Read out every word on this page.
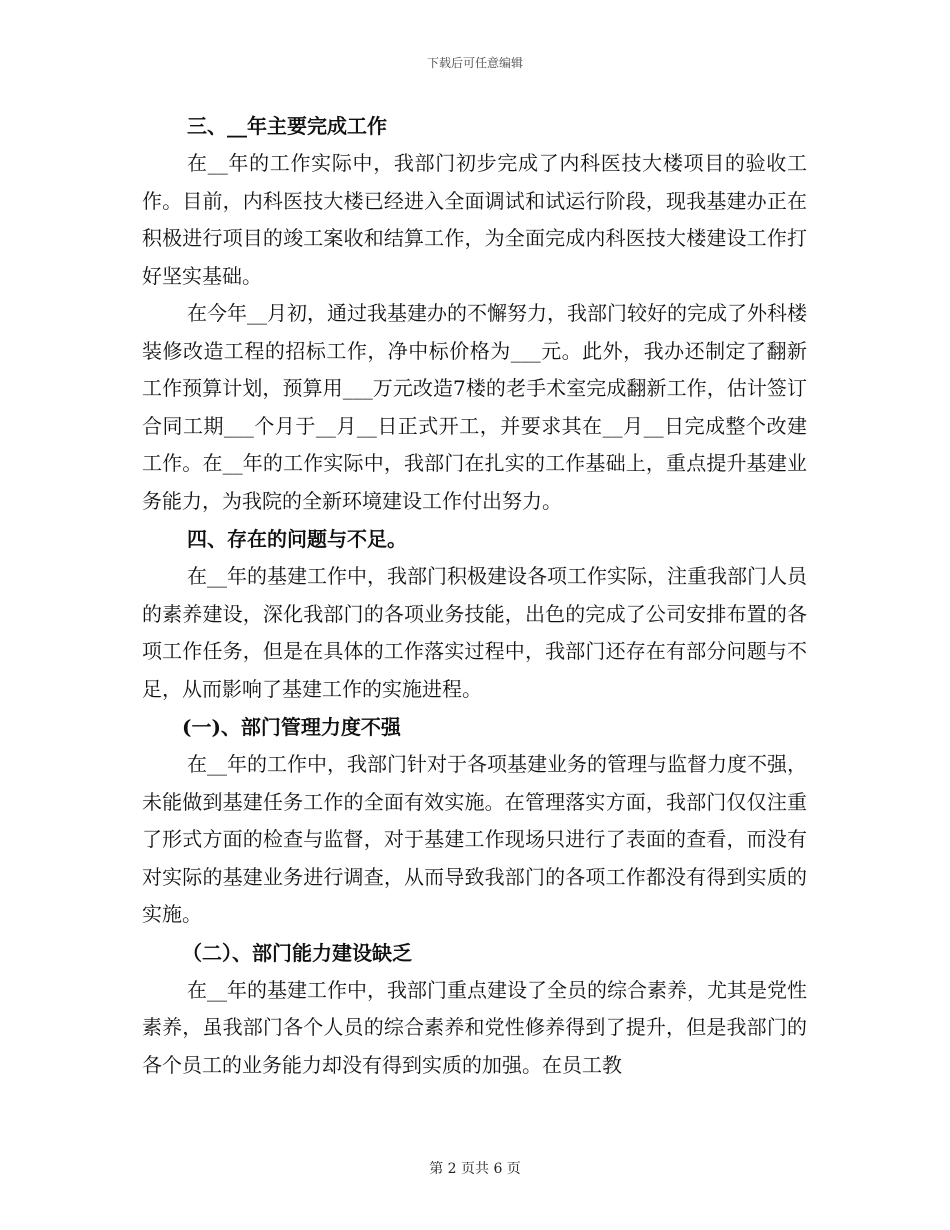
下载后可任意编辑
三、__年主要完成工作

在__年的工作实际中，我部门初步完成了内科医技大楼项目的验收工作。目前，内科医技大楼已经进入全面调试和试运行阶段，现我基建办正在积极进行项目的竣工案收和结算工作，为全面完成内科医技大楼建设工作打好坚实基础。

在今年__月初，通过我基建办的不懈努力，我部门较好的完成了外科楼装修改造工程的招标工作，净中标价格为___元。此外，我办还制定了翻新工作预算计划，预算用___万元改造7楼的老手术室完成翻新工作，估计签订合同工期___个月于__月__日正式开工，并要求其在__月__日完成整个改建工作。在__年的工作实际中，我部门在扎实的工作基础上，重点提升基建业务能力，为我院的全新环境建设工作付出努力。

四、存在的问题与不足。

在__年的基建工作中，我部门积极建设各项工作实际，注重我部门人员的素养建设，深化我部门的各项业务技能，出色的完成了公司安排布置的各项工作任务，但是在具体的工作落实过程中，我部门还存在有部分问题与不足，从而影响了基建工作的实施进程。

(一)、部门管理力度不强

在__年的工作中，我部门针对于各项基建业务的管理与监督力度不强，未能做到基建任务工作的全面有效实施。在管理落实方面，我部门仅仅注重了形式方面的检查与监督，对于基建工作现场只进行了表面的查看，而没有对实际的基建业务进行调查，从而导致我部门的各项工作都没有得到实质的实施。

（二）、部门能力建设缺乏

在__年的基建工作中，我部门重点建设了全员的综合素养，尤其是党性素养，虽我部门各个人员的综合素养和党性修养得到了提升，但是我部门的各个员工的业务能力却没有得到实质的加强。在员工教

第 2 页共 6 页
